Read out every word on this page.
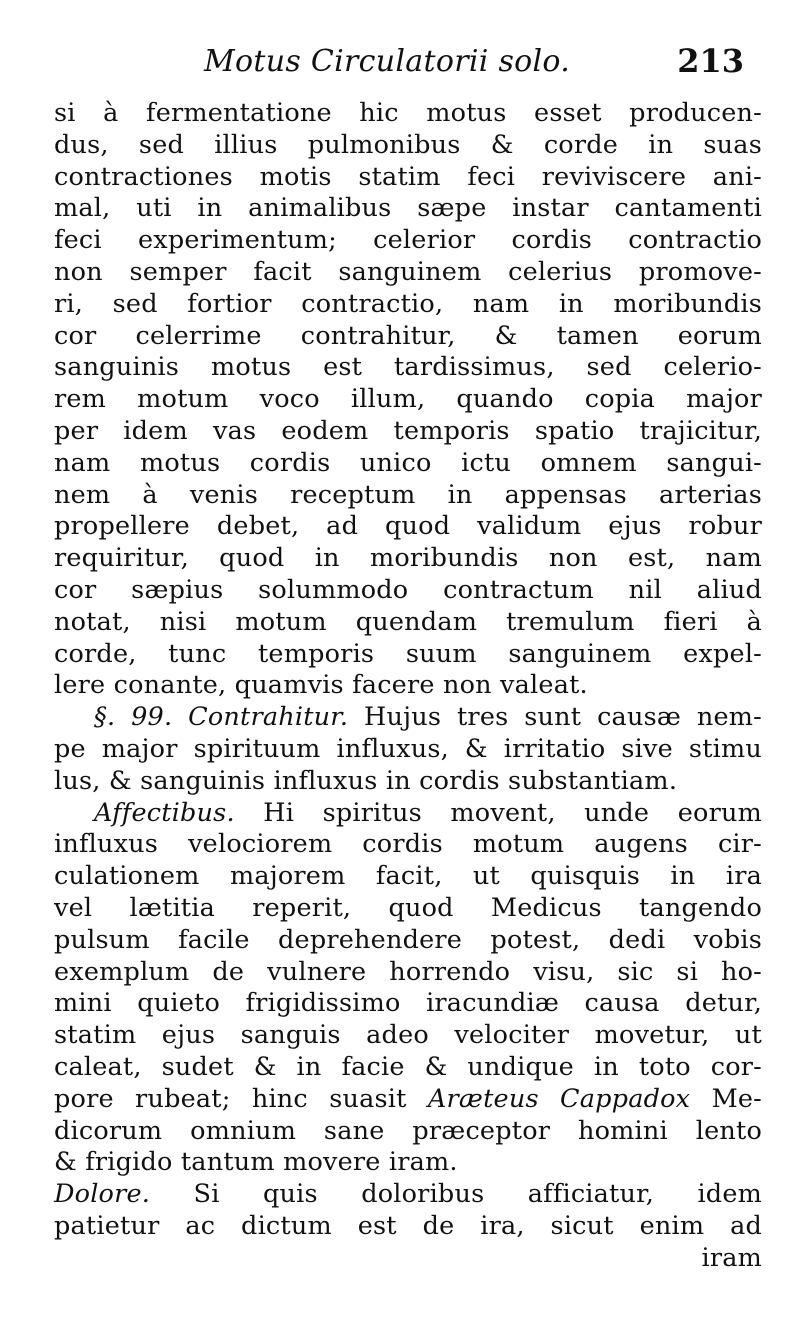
Motus Circulatorii solo.	213
si à fermentatione hic motus esset producen-
dus, sed illius pulmonibus & corde in suas
contractiones motis statim feci reviviscere ani-
mal, uti in animalibus sæpe instar cantamenti
feci experimentum; celerior cordis contractio
non semper facit sanguinem celerius promove-
ri, sed fortior contractio, nam in moribundis
cor celerrime contrahitur, & tamen eorum
sanguinis motus est tardissimus, sed celerio-
rem motum voco illum, quando copia major
per idem vas eodem temporis spatio trajicitur,
nam motus cordis unico ictu omnem sangui-
nem à venis receptum in appensas arterias
propellere debet, ad quod validum ejus robur
requiritur, quod in moribundis non est, nam
cor sæpius solummodo contractum nil aliud
notat, nisi motum quendam tremulum fieri à
corde, tunc temporis suum sanguinem expel-
lere conante, quamvis facere non valeat.
§. 99. Contrahitur. Hujus tres sunt causæ nem-
pe major spirituum influxus, & irritatio sive stimu
lus, & sanguinis influxus in cordis substantiam.
Affectibus. Hi spiritus movent, unde eorum
influxus velociorem cordis motum augens cir-
culationem majorem facit, ut quisquis in ira
vel lætitia reperit, quod Medicus tangendo
pulsum facile deprehendere potest, dedi vobis
exemplum de vulnere horrendo visu, sic si ho-
mini quieto frigidissimo iracundiæ causa detur,
statim ejus sanguis adeo velociter movetur, ut
caleat, sudet & in facie & undique in toto cor-
pore rubeat; hinc suasit Aræteus Cappadox Me-
dicorum omnium sane præceptor homini lento
& frigido tantum movere iram.
Dolore. Si quis doloribus afficiatur, idem
patietur ac dictum est de ira, sicut enim ad
iram
